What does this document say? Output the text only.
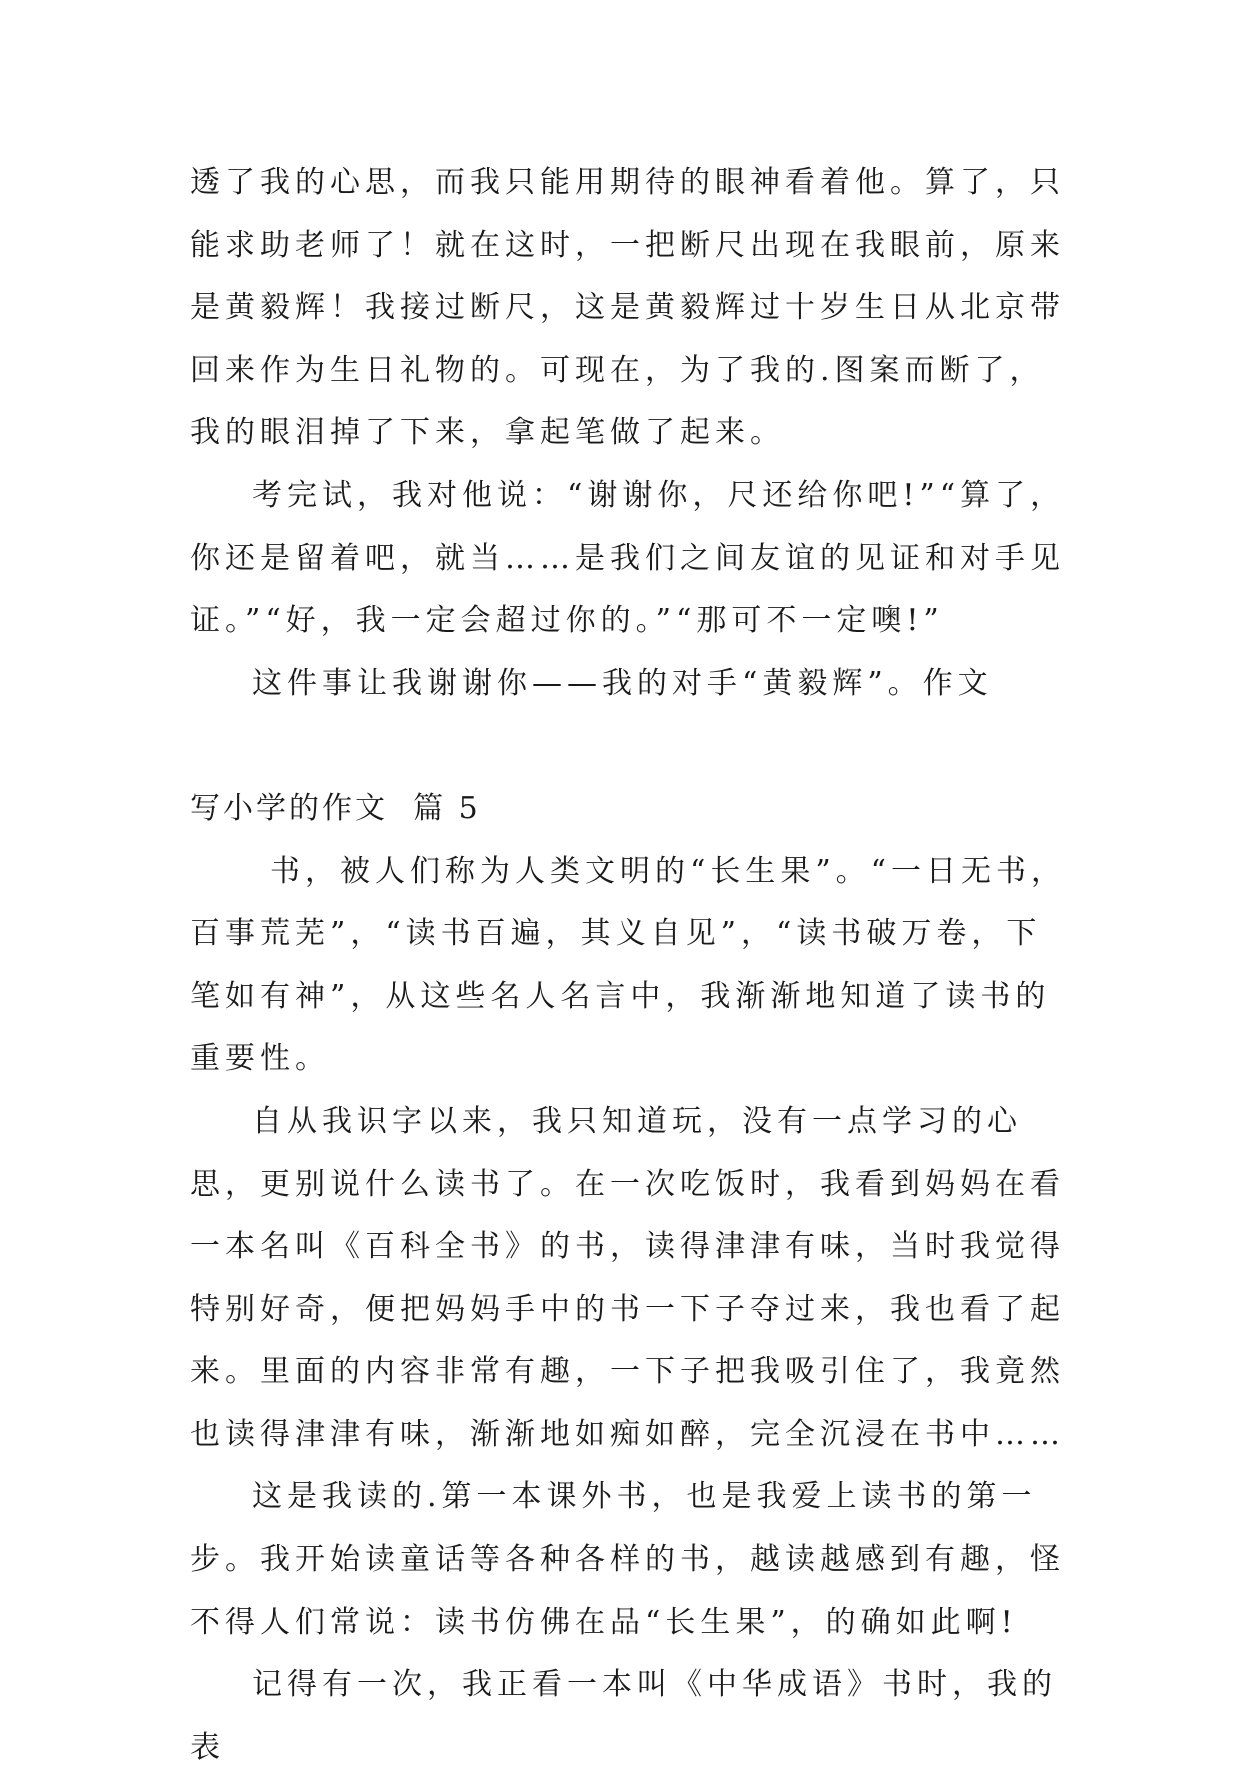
透了我的心思，而我只能用期待的眼神看着他。算了，只能求助老师了！就在这时，一把断尺出现在我眼前，原来是黄毅辉！我接过断尺，这是黄毅辉过十岁生日从北京带回来作为生日礼物的。可现在，为了我的.图案而断了，我的眼泪掉了下来，拿起笔做了起来。

考完试，我对他说：“谢谢你，尺还给你吧!”“算了，你还是留着吧，就当……是我们之间友谊的见证和对手见证。”“好，我一定会超过你的。”“那可不一定噢!”

这件事让我谢谢你——我的对手“黄毅辉”。作文

写小学的作文  篇 5

书，被人们称为人类文明的“长生果”。“一日无书，百事荒芜”，“读书百遍，其义自见”，“读书破万卷，下笔如有神”，从这些名人名言中，我渐渐地知道了读书的重要性。

自从我识字以来，我只知道玩，没有一点学习的心思，更别说什么读书了。在一次吃饭时，我看到妈妈在看一本名叫《百科全书》的书，读得津津有味，当时我觉得特别好奇，便把妈妈手中的书一下子夺过来，我也看了起来。里面的内容非常有趣，一下子把我吸引住了，我竟然也读得津津有味，渐渐地如痴如醉，完全沉浸在书中……

这是我读的.第一本课外书，也是我爱上读书的第一步。我开始读童话等各种各样的书，越读越感到有趣，怪不得人们常说：读书仿佛在品“长生果”，的确如此啊!

记得有一次，我正看一本叫《中华成语》书时，我的表
